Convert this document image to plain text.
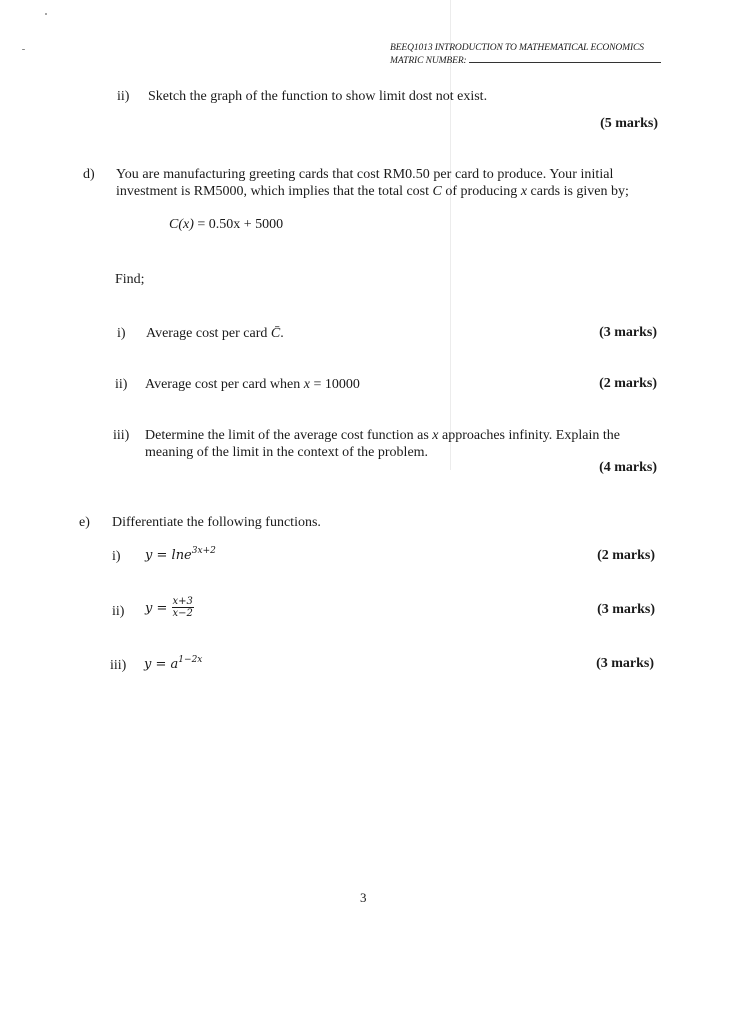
BEEQ1013 INTRODUCTION TO MATHEMATICAL ECONOMICS
MATRIC NUMBER:
ii) Sketch the graph of the function to show limit dost not exist.
(5 marks)
d) You are manufacturing greeting cards that cost RM0.50 per card to produce. Your initial
investment is RM5000, which implies that the total cost C of producing x cards is given by;
C(x) = 0.50x + 5000
Find;
i) Average cost per card C̄.	(3 marks)
ii) Average cost per card when x = 10000	(2 marks)
iii) Determine the limit of the average cost function as x approaches infinity. Explain the
meaning of the limit in the context of the problem.
(4 marks)
e) Differentiate the following functions.
i) y = lne$^{3x+2}$	(2 marks)
ii) $y = \frac{x+3}{x-2}$	(3 marks)
iii) $y = a^{1-2x}$	(3 marks)
3
